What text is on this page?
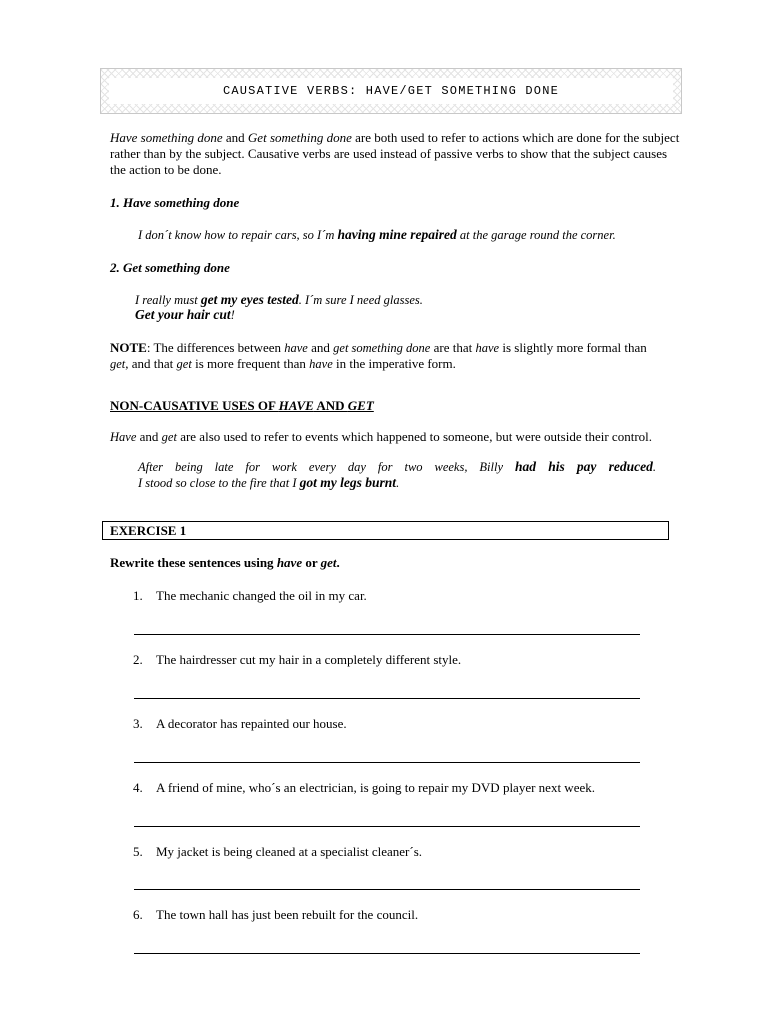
CAUSATIVE VERBS: HAVE/GET SOMETHING DONE
Have something done and Get something done are both used to refer to actions which are done for the subject rather than by the subject. Causative verbs are used instead of passive verbs to show that the subject causes the action to be done.
1. Have something done
I don´t know how to repair cars, so I´m having mine repaired at the garage round the corner.
2. Get something done
I really must get my eyes tested. I´m sure I need glasses.
Get your hair cut!
NOTE: The differences between have and get something done are that have is slightly more formal than get, and that get is more frequent than have in the imperative form.
NON-CAUSATIVE USES OF HAVE AND GET
Have and get are also used to refer to events which happened to someone, but were outside their control.
After being late for work every day for two weeks, Billy had his pay reduced.
I stood so close to the fire that I got my legs burnt.
EXERCISE 1
Rewrite these sentences using have or get.
1. The mechanic changed the oil in my car.
2. The hairdresser cut my hair in a completely different style.
3. A decorator has repainted our house.
4. A friend of mine, who´s an electrician, is going to repair my DVD player next week.
5. My jacket is being cleaned at a specialist cleaner´s.
6. The town hall has just been rebuilt for the council.
